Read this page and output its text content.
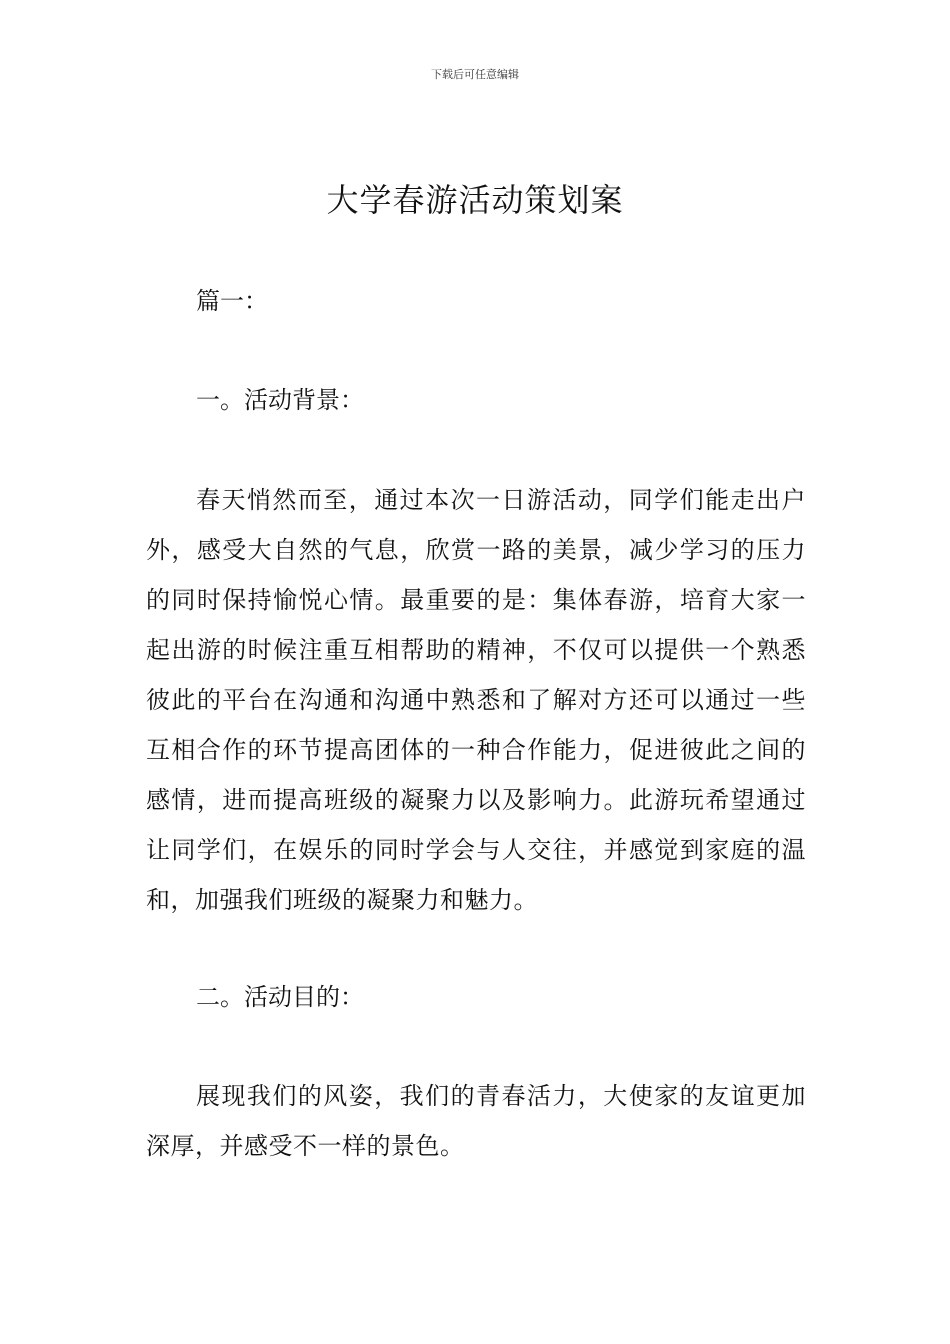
下载后可任意编辑
大学春游活动策划案

篇一：

一。活动背景：

春天悄然而至，通过本次一日游活动，同学们能走出户外，感受大自然的气息，欣赏一路的美景，减少学习的压力的同时保持愉悦心情。最重要的是：集体春游，培育大家一起出游的时候注重互相帮助的精神，不仅可以提供一个熟悉彼此的平台在沟通和沟通中熟悉和了解对方还可以通过一些互相合作的环节提高团体的一种合作能力，促进彼此之间的感情，进而提高班级的凝聚力以及影响力。此游玩希望通过让同学们，在娱乐的同时学会与人交往，并感觉到家庭的温和，加强我们班级的凝聚力和魅力。

二。活动目的：

展现我们的风姿，我们的青春活力，大使家的友谊更加深厚，并感受不一样的景色。
